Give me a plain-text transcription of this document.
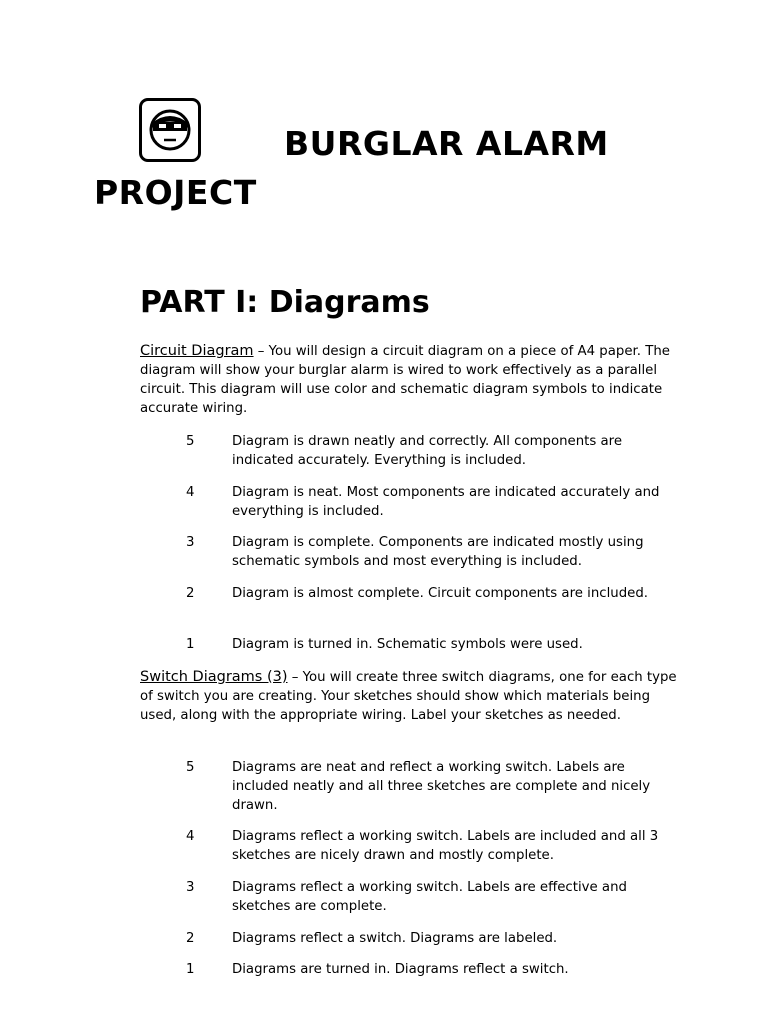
BURGLAR ALARM
PROJECT
PART I: Diagrams
Circuit Diagram – You will design a circuit diagram on a piece of A4 paper. The diagram will show your burglar alarm is wired to work effectively as a parallel circuit. This diagram will use color and schematic diagram symbols to indicate accurate wiring.
5	Diagram is drawn neatly and correctly. All components are indicated accurately. Everything is included.
4	Diagram is neat. Most components are indicated accurately and everything is included.
3	Diagram is complete. Components are indicated mostly using schematic symbols and most everything is included.
2	Diagram is almost complete. Circuit components are included.
1	Diagram is turned in. Schematic symbols were used.
Switch Diagrams (3) – You will create three switch diagrams, one for each type of switch you are creating. Your sketches should show which materials being used, along with the appropriate wiring. Label your sketches as needed.
5	Diagrams are neat and reflect a working switch. Labels are included neatly and all three sketches are complete and nicely drawn.
4	Diagrams reflect a working switch. Labels are included and all 3 sketches are nicely drawn and mostly complete.
3	Diagrams reflect a working switch. Labels are effective and sketches are complete.
2	Diagrams reflect a switch. Diagrams are labeled.
1	Diagrams are turned in. Diagrams reflect a switch.
